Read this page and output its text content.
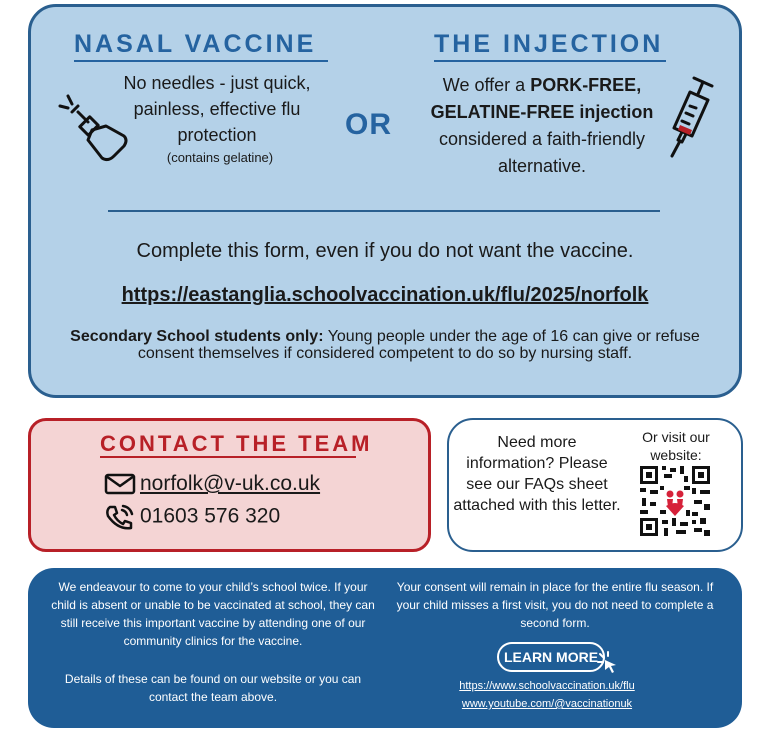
NASAL VACCINE
No needles - just quick, painless, effective flu protection
(contains gelatine)
OR
THE INJECTION
We offer a PORK-FREE, GELATINE-FREE injection considered a faith-friendly alternative.
Complete this form, even if you do not want the vaccine.
https://eastanglia.schoolvaccination.uk/flu/2025/norfolk
Secondary School students only: Young people under the age of 16 can give or refuse consent themselves if considered competent to do so by nursing staff.
CONTACT THE TEAM
norfolk@v-uk.co.uk
01603 576 320
Need more information? Please see our FAQs sheet attached with this letter.
Or visit our website:
We endeavour to come to your child’s school twice. If your child is absent or unable to be vaccinated at school, they can still receive this important vaccine by attending one of our community clinics for the vaccine.
Details of these can be found on our website or you can contact the team above.
Your consent will remain in place for the entire flu season. If your child misses a first visit, you do not need to complete a second form.
LEARN MORE
https://www.schoolvaccination.uk/flu
www.youtube.com/@vaccinationuk
